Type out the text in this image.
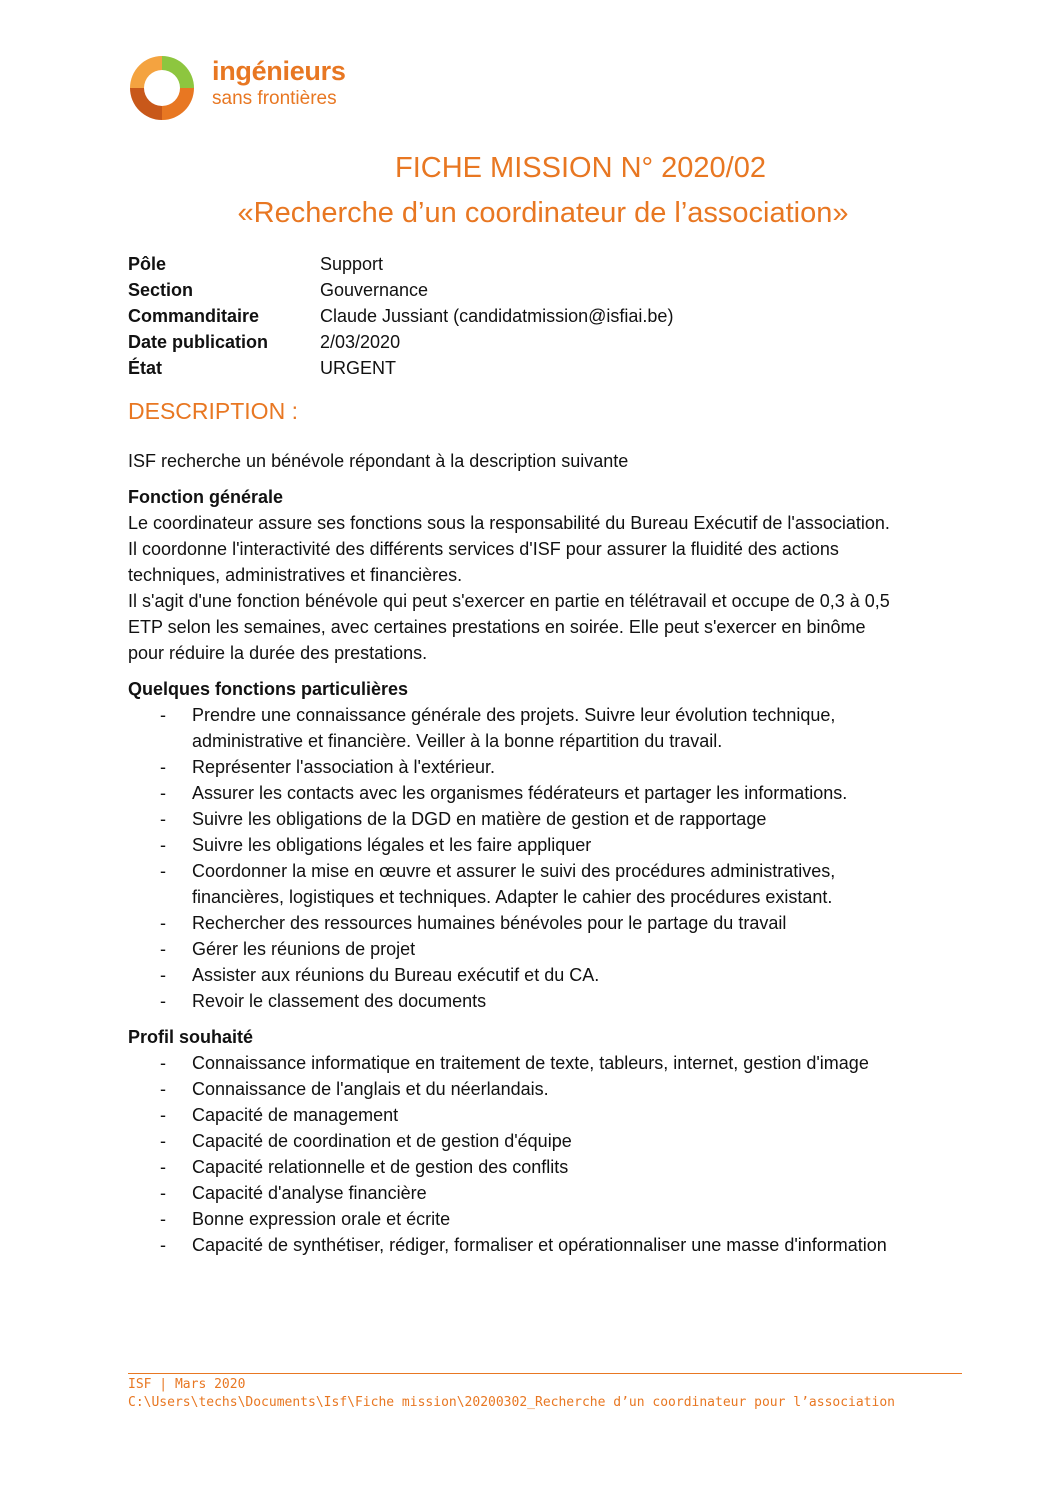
ingénieurs
sans frontières
FICHE MISSION N° 2020/02
«Recherche d’un coordinateur de l’association»
Pôle	Support
Section	Gouvernance
Commanditaire	Claude Jussiant (candidatmission@isfiai.be)
Date publication	2/03/2020
État	URGENT
DESCRIPTION :

ISF recherche un bénévole répondant à la description suivante

Fonction générale

Le coordinateur assure ses fonctions sous la responsabilité du Bureau Exécutif de l'association.

Il coordonne l'interactivité des différents services d'ISF pour assurer la fluidité des actions

techniques, administratives et financières.

Il s'agit d'une fonction bénévole qui peut s'exercer en partie en télétravail et occupe de 0,3 à 0,5

ETP selon les semaines, avec certaines prestations en soirée. Elle peut s'exercer en binôme

pour réduire la durée des prestations.

Quelques fonctions particulières

- Prendre une connaissance générale des projets. Suivre leur évolution technique,
administrative et financière. Veiller à la bonne répartition du travail.
- Représenter l'association à l'extérieur.
- Assurer les contacts avec les organismes fédérateurs et partager les informations.
- Suivre les obligations de la DGD en matière de gestion et de rapportage
- Suivre les obligations légales et les faire appliquer
- Coordonner la mise en œuvre et assurer le suivi des procédures administratives,
financières, logistiques et techniques. Adapter le cahier des procédures existant.
- Rechercher des ressources humaines bénévoles pour le partage du travail
- Gérer les réunions de projet
- Assister aux réunions du Bureau exécutif et du CA.
- Revoir le classement des documents

Profil souhaité

- Connaissance informatique en traitement de texte, tableurs, internet, gestion d'image
- Connaissance de l'anglais et du néerlandais.
- Capacité de management
- Capacité de coordination et de gestion d'équipe
- Capacité relationnelle et de gestion des conflits
- Capacité d'analyse financière
- Bonne expression orale et écrite
- Capacité de synthétiser, rédiger, formaliser et opérationnaliser une masse d'information
ISF | Mars 2020
C:\Users\techs\Documents\Isf\Fiche mission\20200302_Recherche d’un coordinateur pour l’association
